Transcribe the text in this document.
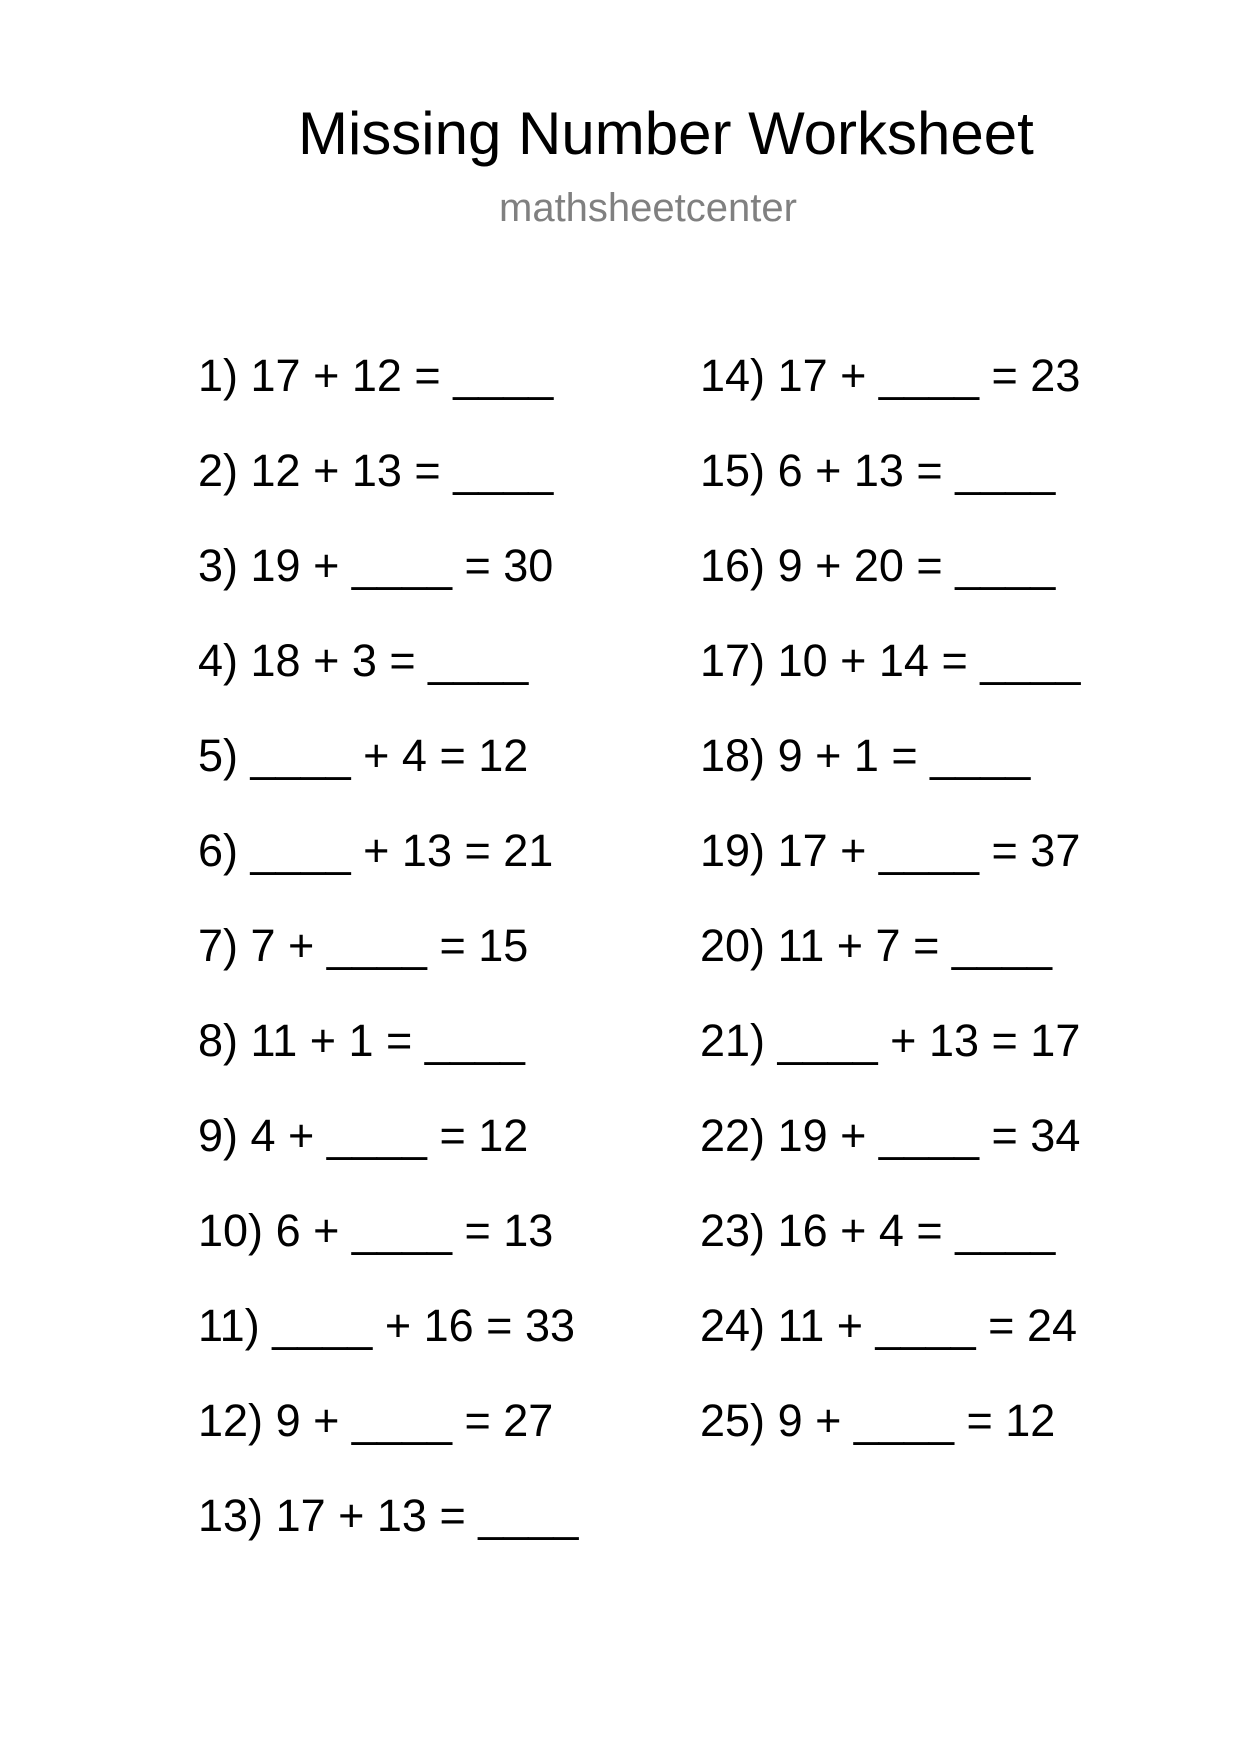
Missing Number Worksheet
mathsheetcenter
1) 17 + 12 = ____
2) 12 + 13 = ____
3) 19 + ____ = 30
4) 18 + 3 = ____
5) ____ + 4 = 12
6) ____ + 13 = 21
7) 7 + ____ = 15
8) 11 + 1 = ____
9) 4 + ____ = 12
10) 6 + ____ = 13
11) ____ + 16 = 33
12) 9 + ____ = 27
13) 17 + 13 = ____
14) 17 + ____ = 23
15) 6 + 13 = ____
16) 9 + 20 = ____
17) 10 + 14 = ____
18) 9 + 1 = ____
19) 17 + ____ = 37
20) 11 + 7 = ____
21) ____ + 13 = 17
22) 19 + ____ = 34
23) 16 + 4 = ____
24) 11 + ____ = 24
25) 9 + ____ = 12
